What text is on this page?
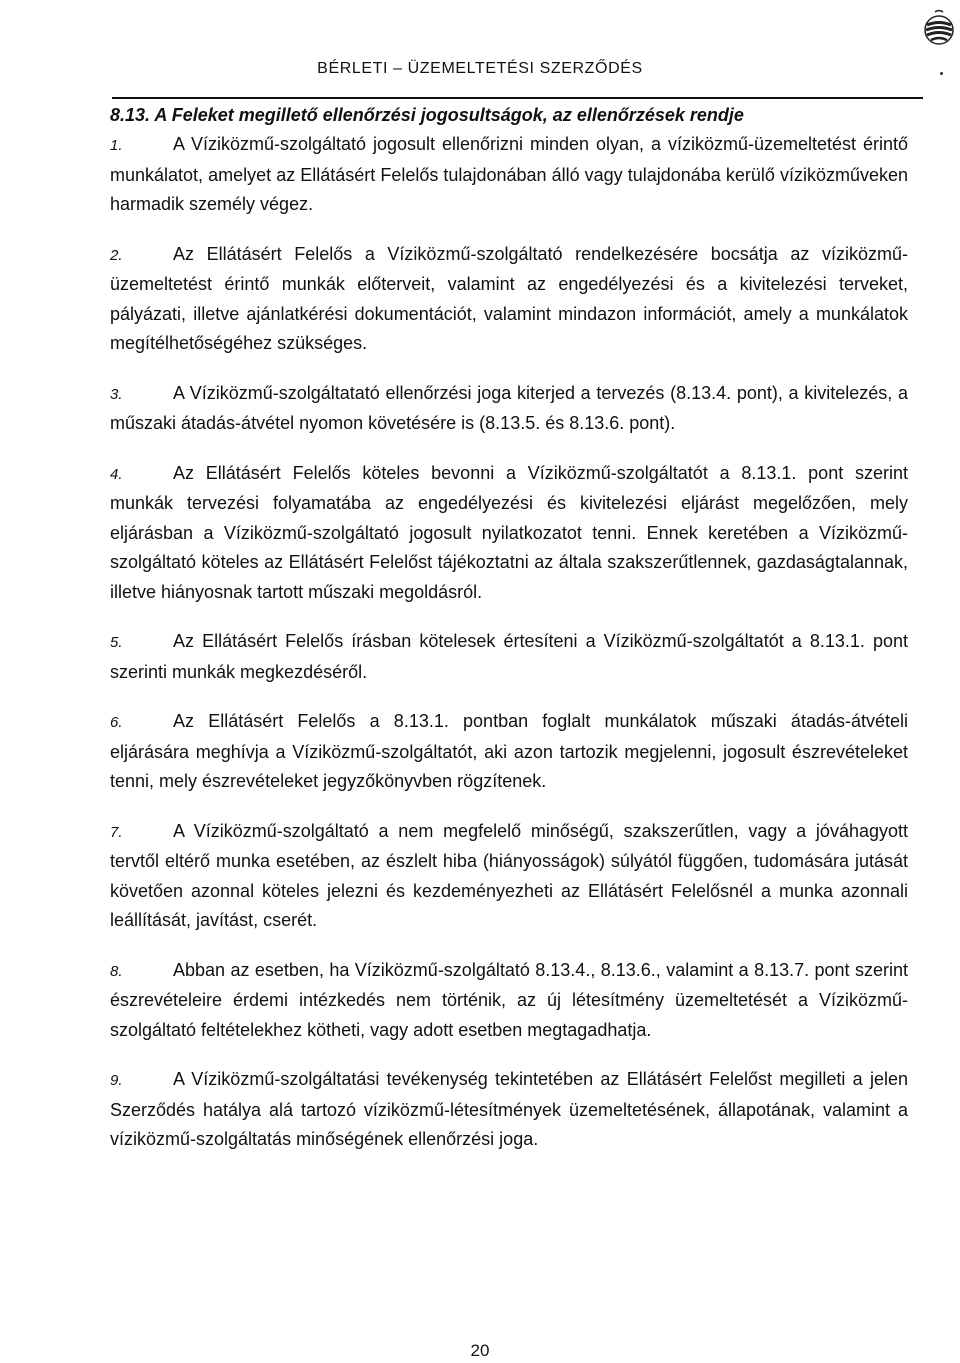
BÉRLETI – ÜZEMELTETÉSI SZERZŐDÉS
8.13. A Feleket megillető ellenőrzési jogosultságok, az ellenőrzések rendje

1.	A Víziközmű-szolgáltató jogosult ellenőrizni minden olyan, a víziközmű-üzemeltetést érintő munkálatot, amelyet az Ellátásért Felelős tulajdonában álló vagy tulajdonába kerülő víziközműveken harmadik személy végez.

2.	Az Ellátásért Felelős a Víziközmű-szolgáltató rendelkezésére bocsátja az víziközmű-üzemeltetést érintő munkák előterveit, valamint az engedélyezési és a kivitelezési terveket, pályázati, illetve ajánlatkérési dokumentációt, valamint mindazon információt, amely a munkálatok megítélhetőségéhez szükséges.

3.	A Víziközmű-szolgáltatató ellenőrzési joga kiterjed a tervezés (8.13.4. pont), a kivitelezés, a műszaki átadás-átvétel nyomon követésére is (8.13.5. és 8.13.6. pont).

4.	Az Ellátásért Felelős köteles bevonni a Víziközmű-szolgáltatót a 8.13.1. pont szerint munkák tervezési folyamatába az engedélyezési és kivitelezési eljárást megelőzően, mely eljárásban a Víziközmű-szolgáltató jogosult nyilatkozatot tenni. Ennek keretében a Víziközmű-szolgáltató köteles az Ellátásért Felelőst tájékoztatni az általa szakszerűtlennek, gazdaságtalannak, illetve hiányosnak tartott műszaki megoldásról.

5.	Az Ellátásért Felelős írásban kötelesek értesíteni a Víziközmű-szolgáltatót a 8.13.1. pont szerinti munkák megkezdéséről.

6.	Az Ellátásért Felelős a 8.13.1. pontban foglalt munkálatok műszaki átadás-átvételi eljárására meghívja a Víziközmű-szolgáltatót, aki azon tartozik megjelenni, jogosult észrevételeket tenni, mely észrevételeket jegyzőkönyvben rögzítenek.

7.	A Víziközmű-szolgáltató a nem megfelelő minőségű, szakszerűtlen, vagy a jóváhagyott tervtől eltérő munka esetében, az észlelt hiba (hiányosságok) súlyától függően, tudomására jutását követően azonnal köteles jelezni és kezdeményezheti az Ellátásért Felelősnél a munka azonnali leállítását, javítást, cserét.

8.	Abban az esetben, ha Víziközmű-szolgáltató 8.13.4., 8.13.6., valamint a 8.13.7. pont szerint észrevételeire érdemi intézkedés nem történik, az új létesítmény üzemeltetését a Víziközmű-szolgáltató feltételekhez kötheti, vagy adott esetben megtagadhatja.

9.	A Víziközmű-szolgáltatási tevékenység tekintetében az Ellátásért Felelőst megilleti a jelen Szerződés hatálya alá tartozó víziközmű-létesítmények üzemeltetésének, állapotának, valamint a víziközmű-szolgáltatás minőségének ellenőrzési joga.

20
